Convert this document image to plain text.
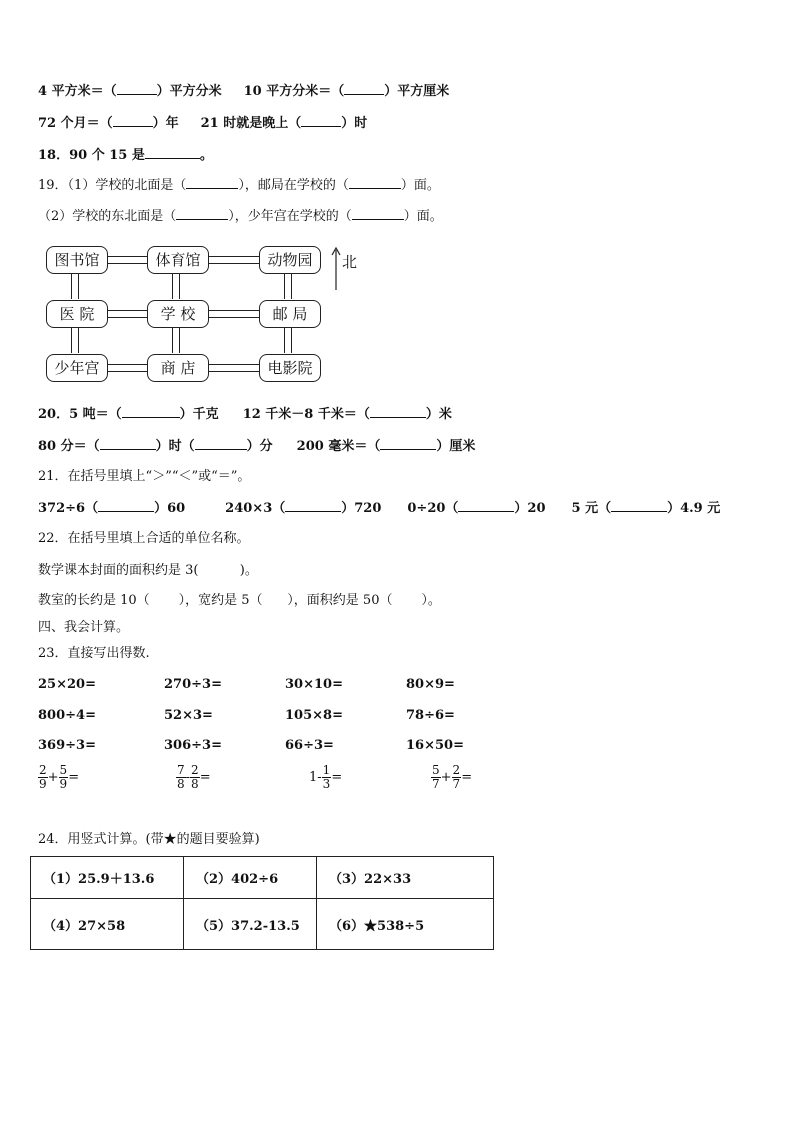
4 平方米＝（	）平方分米 10 平方分米＝（	）平方厘米
72 个月＝（	）年 21 时就是晚上（	）时
18．90 个 15 是	。
19．（1）学校的北面是（	），邮局在学校的（	）面。
（2）学校的东北面是（	），少年宫在学校的（	）面。
图书馆	体育馆	动物园
医 院	学 校	邮 局
少年宫	商 店	电影院
北
20．5 吨＝（	）千克 12 千米－8 千米＝（	）米
80 分＝（	）时（	）分 200 毫米＝（	）厘米
21．在括号里填上“＞”“＜”或“＝”。
372÷6（	）60	240×3（	）720 0÷20（	）20 5 元（	）4.9 元
22．在括号里填上合适的单位名称。
数学课本封面的面积约是 3(          )。
教室的长约是 10（       ），宽约是 5（      ），面积约是 50（       ）。
四、我会计算。
23．直接写出得数.
25×20=	270÷3=	30×10=	80×9=
800÷4=	52×3=	105×8=	78÷6=
369÷3=	306÷3=	66÷3=	16×50=
$\frac{2}{9} + \frac{5}{9}$ =	$\frac{7}{8} - \frac{2}{8}$ =	$1- \frac{1}{3}$ =	$\frac{5}{7} + \frac{2}{7}$ =
24．用竖式计算。(带★的题目要验算)
（1）25.9＋13.6	（2）402÷6	（3）22×33
（4）27×58	（5）37.2-13.5	（6）★538÷5
